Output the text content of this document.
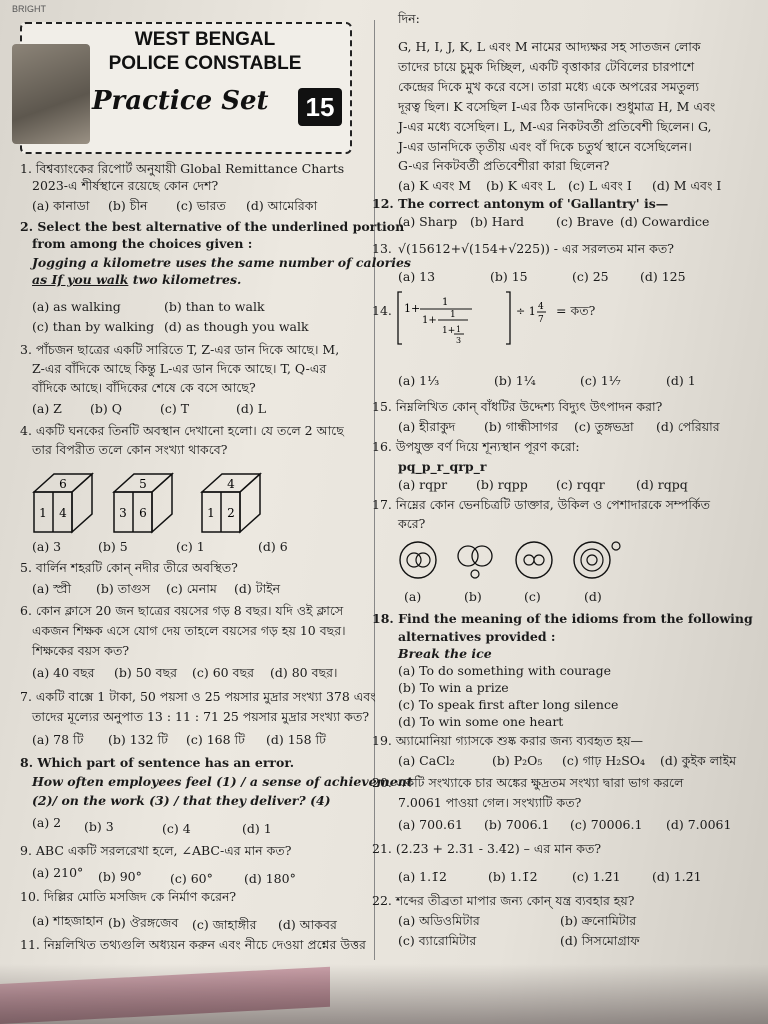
BRIGHT
WEST BENGAL
POLICE CONSTABLE
Practice Set 15
1. বিশ্বব্যাংকের রিপোর্ট অনুযায়ী Global Remittance Charts
2023-এ শীর্ষস্থানে রয়েছে কোন দেশ?
(a) কানাডা (b) চীন (c) ভারত (d) আমেরিকা
2. Select the best alternative of the underlined portion
from among the choices given :
Jogging a kilometre uses the same number of calories
as If you walk two kilometres.
(a) as walking	(b) than to walk
(c) than by walking (d) as though you walk
3. পাঁচজন ছাত্রের একটি সারিতে T, Z-এর ডান দিকে আছে। M,
Z-এর বাঁদিকে আছে কিন্তু L-এর ডান দিকে আছে। T, Q-এর
বাঁদিকে আছে। বাঁদিকের শেষে কে বসে আছে?
(a) Z (b) Q	(c) T	(d) L
4. একটি ঘনকের তিনটি অবস্থান দেখানো হলো। যে তলে 2 আছে
তার বিপরীত তলে কোন সংখ্যা থাকবে?
6
1 4
5
3 6
4
1 2
(a) 3	(b) 5	(c) 1	(d) 6
5. বার্লিন শহরটি কোন্ নদীর তীরে অবস্থিত?
(a) স্প্রী (b) তাগুস (c) মেনাম (d) টাইন
6. কোন ক্লাসে 20 জন ছাত্রের বয়সের গড় 8 বছর। যদি ওই ক্লাসে
একজন শিক্ষক এসে যোগ দেয় তাহলে বয়সের গড় হয় 10 বছর।
শিক্ষকের বয়স কত?
(a) 40 বছর (b) 50 বছর (c) 60 বছর (d) 80 বছর।
7. একটি বাক্সে 1 টাকা, 50 পয়সা ও 25 পয়সার মুদ্রার সংখ্যা 378 এবং
তাদের মূল্যের অনুপাত 13 : 11 : 71 25 পয়সার মুদ্রার সংখ্যা কত?
(a) 78 টি (b) 132 টি (c) 168 টি (d) 158 টি
8. Which part of sentence has an error.
How often employees feel (1) / a sense of achievement
(2)/ on the work (3) / that they deliver? (4)
(a) 2 (b) 3	(c) 4	(d) 1
9. ABC একটি সরলরেখা হলে, ∠ABC-এর মান কত?
(a) 210° (b) 90° (c) 60° (d) 180°
10. দিল্লির মোতি মসজিদ কে নির্মাণ করেন?
(a) শাহজাহান (b) ঔরঙ্গজেব (c) জাহাঙ্গীর (d) আকবর
11. নিম্নলিখিত তথ্যগুলি অধ্যয়ন করুন এবং নীচে দেওয়া প্রশ্নের উত্তর
দিন:
G, H, I, J, K, L এবং M নামের আদ্যক্ষর সহ সাতজন লোক
তাদের চায়ে চুমুক দিচ্ছিল, একটি বৃত্তাকার টেবিলের চারপাশে
কেন্দ্রের দিকে মুখ করে বসে। তারা মধ্যে একে অপরের সমতুল্য
দূরত্ব ছিল। K বসেছিল I-এর ঠিক ডানদিকে। শুধুমাত্র H, M এবং
J-এর মধ্যে বসেছিল। L, M-এর নিকটবর্তী প্রতিবেশী ছিলেন। G,
J-এর ডানদিকে তৃতীয় এবং বাঁ দিকে চতুর্থ স্থানে বসেছিলেন।
G-এর নিকটবর্তী প্রতিবেশীরা কারা ছিলেন?
(a) K এবং M (b) K এবং L (c) L এবং I (d) M এবং I
12. The correct antonym of 'Gallantry' is—
(a) Sharp (b) Hard	(c) Brave (d) Cowardice
13. √(15612+√(154+√225)) - এর সরলতম মান কত?
(a) 13	(b) 15	(c) 25	(d) 125
14. 1+ 1
1+ 1
1+ 1
3
÷ 1 4
7
= কত?
(a) 1⅓	(b) 1¼	(c) 1⅐	(d) 1
15. নিম্নলিখিত কোন্ বাঁধটির উদ্দেশ্য বিদ্যুৎ উৎপাদন করা?
(a) হীরাকুদ (b) গান্ধীসাগর (c) তুঙ্গভদ্রা (d) পেরিয়ার
16. উপযুক্ত বর্ণ দিয়ে শূন্যস্থান পূরণ করো:
pq_p_r_qrp_r
(a) rqpr (b) rqpp (c) rqqr	(d) rqpq
17. নিম্নের কোন ভেনচিত্রটি ডাক্তার, উকিল ও পেশাদারকে সম্পর্কিত
করে?
(a)	(b)	(c)	(d)
18. Find the meaning of the idioms from the following
alternatives provided :
Break the ice
(a) To do something with courage
(b) To win a prize
(c) To speak first after long silence
(d) To win some one heart
19. অ্যামোনিয়া গ্যাসকে শুষ্ক করার জন্য ব্যবহৃত হয়—
(a) CaCl₂	(b) P₂O₅ (c) গাঢ় H₂SO₄ (d) কুইক লাইম
20. একটি সংখ্যাকে চার অঙ্কের ক্ষুদ্রতম সংখ্যা দ্বারা ভাগ করলে
7.0061 পাওয়া গেল। সংখ্যাটি কত?
(a) 700.61 (b) 7006.1 (c) 70006.1 (d) 7.0061
21. (2.2̄3 + 2.3̄1 - 3.4̄2) – এর মান কত?
(a) 1.1̄2	(b) 1.1̄2	(c) 1.2̄1	(d) 1.2̄1
22. শব্দের তীব্রতা মাপার জন্য কোন্ যন্ত্র ব্যবহার হয়?
(a) অডিওমিটার	(b) ক্রনোমিটার
(c) ব্যারোমিটার	(d) সিসমোগ্রাফ
